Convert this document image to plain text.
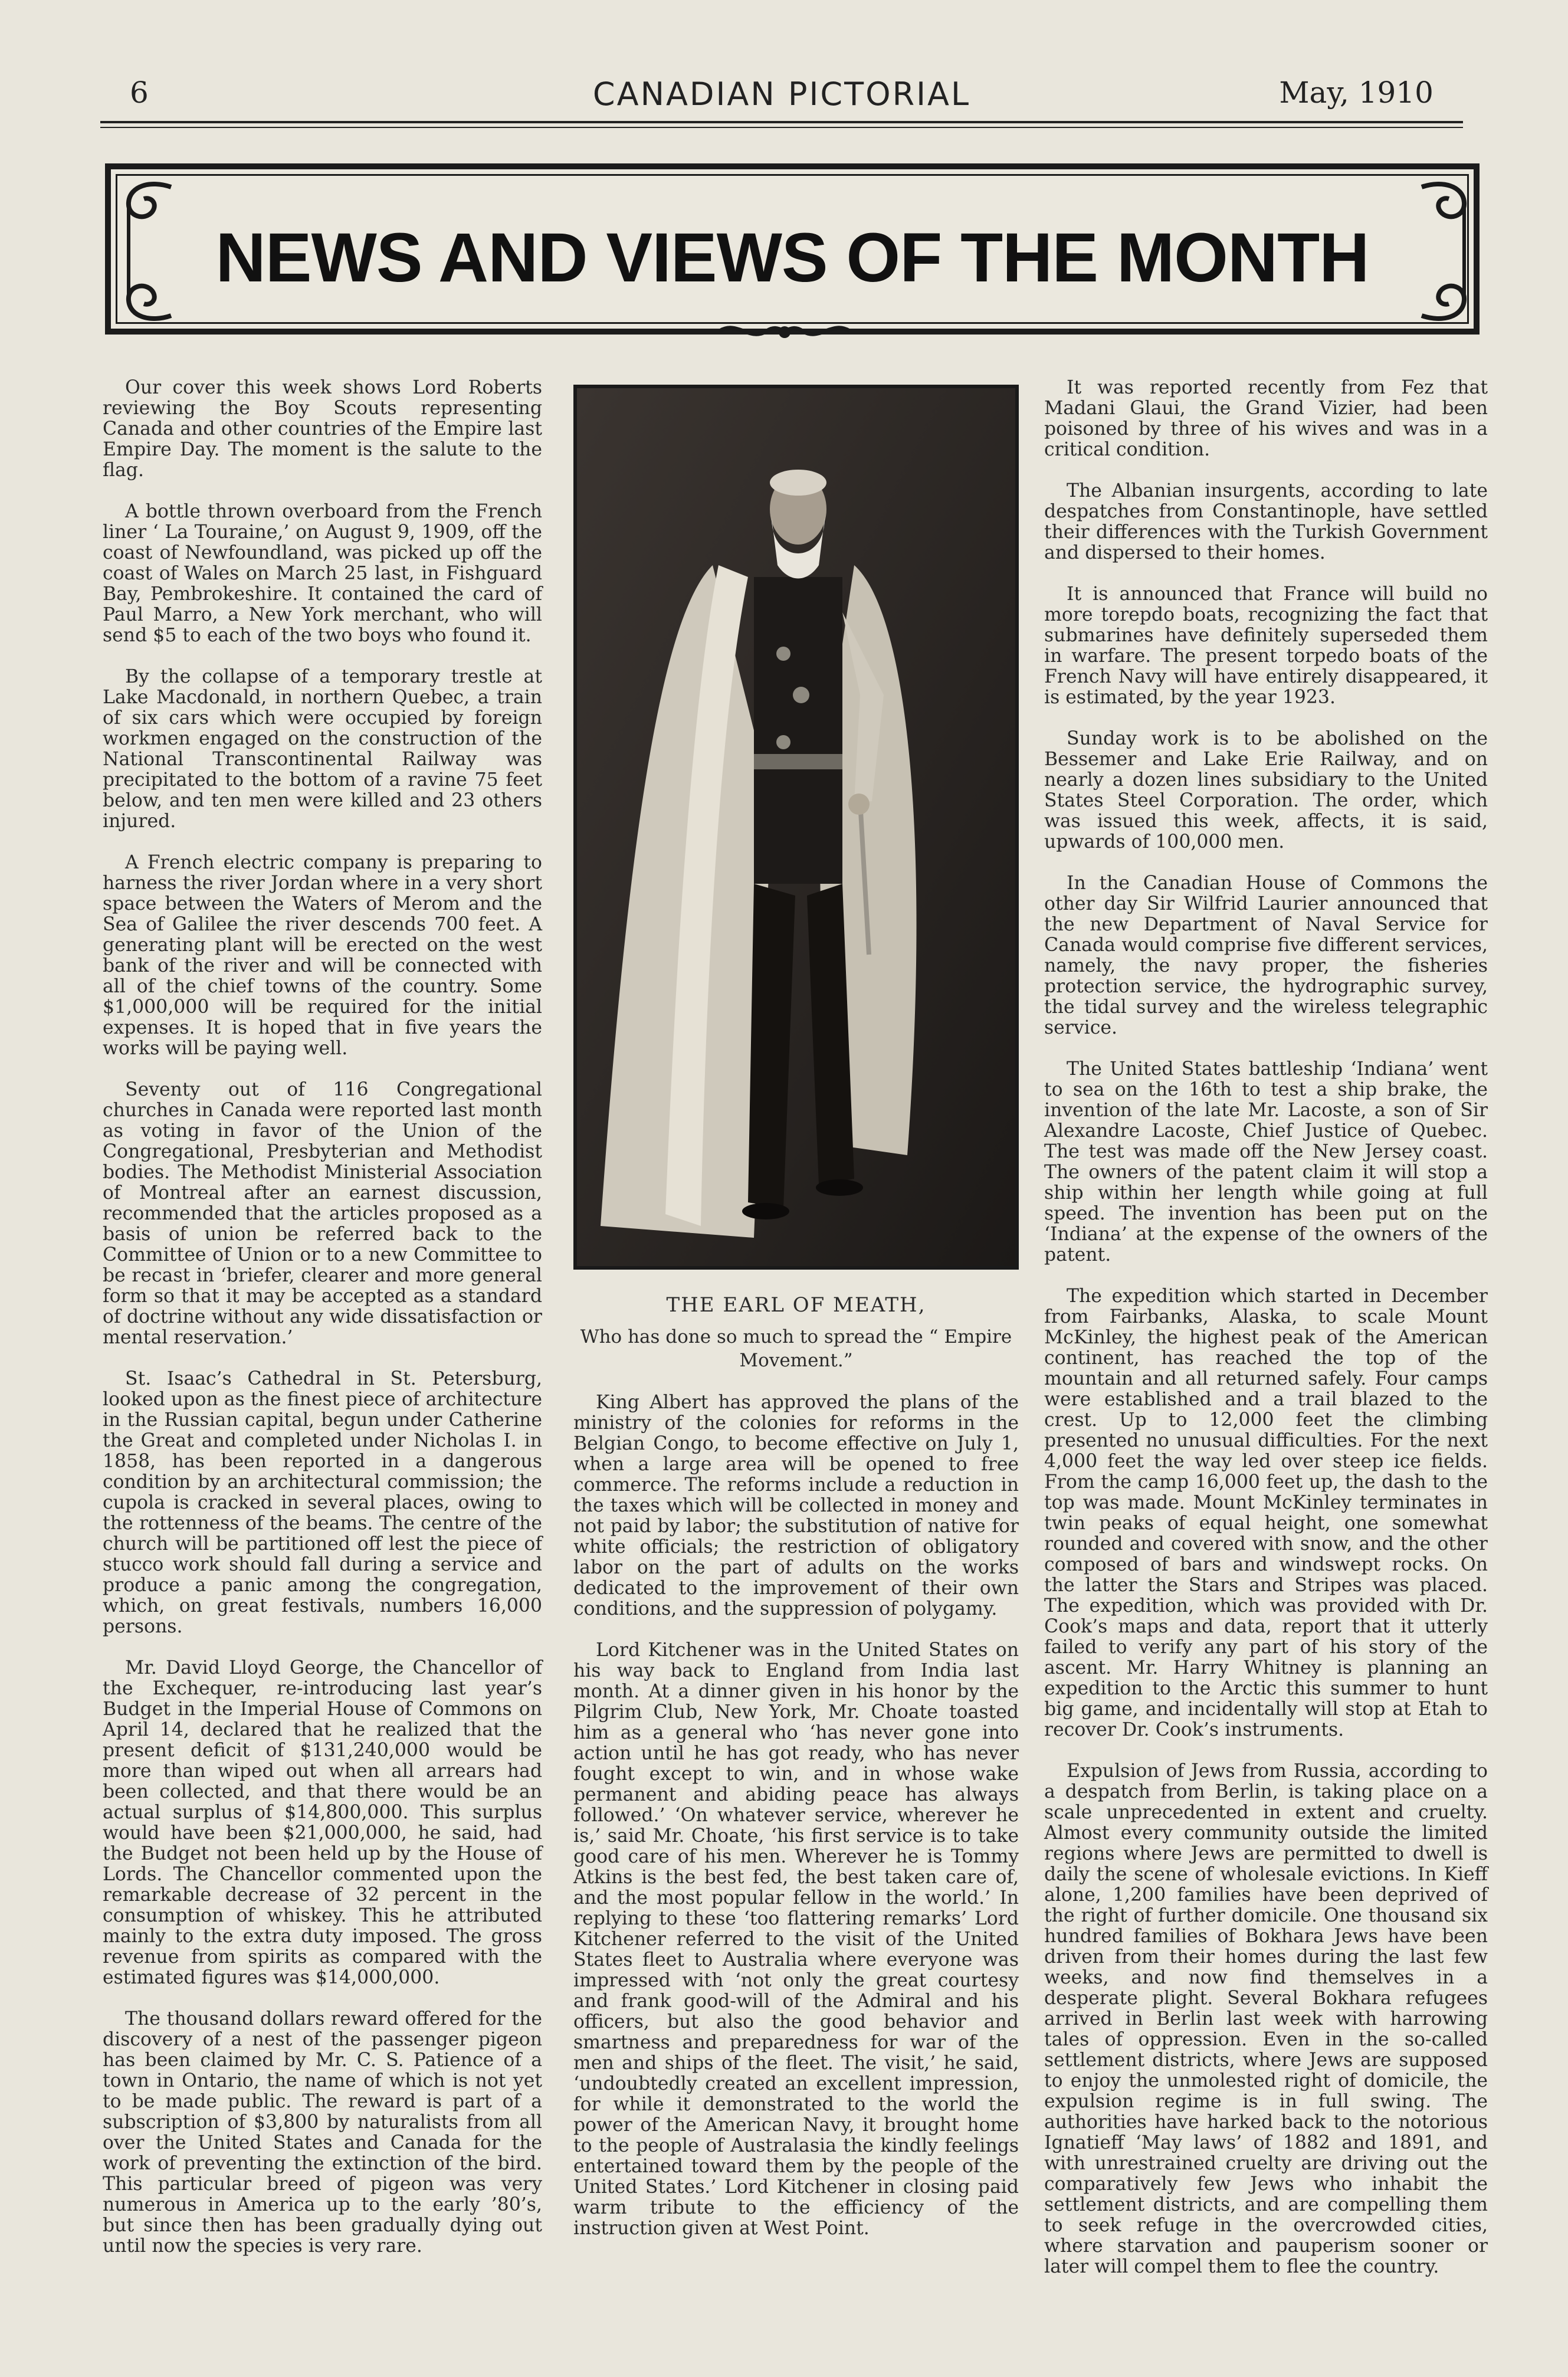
6	CANADIAN PICTORIAL	May, 1910
NEWS AND VIEWS OF THE MONTH

Our cover this week shows Lord Roberts reviewing the Boy Scouts representing Canada and other countries of the Empire last Empire Day. The moment is the salute to the flag.

A bottle thrown overboard from the French liner ‘ La Touraine,’ on August 9, 1909, off the coast of Newfoundland, was picked up off the coast of Wales on March 25 last, in Fishguard Bay, Pembrokeshire. It contained the card of Paul Marro, a New York merchant, who will send $5 to each of the two boys who found it.

By the collapse of a temporary trestle at Lake Macdonald, in northern Quebec, a train of six cars which were occupied by foreign workmen engaged on the construction of the National Transcontinental Railway was precipitated to the bottom of a ravine 75 feet below, and ten men were killed and 23 others injured.

A French electric company is preparing to harness the river Jordan where in a very short space between the Waters of Merom and the Sea of Galilee the river descends 700 feet. A generating plant will be erected on the west bank of the river and will be connected with all of the chief towns of the country. Some $1,000,000 will be required for the initial expenses. It is hoped that in five years the works will be paying well.

Seventy out of 116 Congregational churches in Canada were reported last month as voting in favor of the Union of the Congregational, Presbyterian and Methodist bodies. The Methodist Ministerial Association of Montreal after an earnest discussion, recommended that the articles proposed as a basis of union be referred back to the Committee of Union or to a new Committee to be recast in ‘briefer, clearer and more general form so that it may be accepted as a standard of doctrine without any wide dissatisfaction or mental reservation.’

St. Isaac’s Cathedral in St. Petersburg, looked upon as the finest piece of architecture in the Russian capital, begun under Catherine the Great and completed under Nicholas I. in 1858, has been reported in a dangerous condition by an architectural commission; the cupola is cracked in several places, owing to the rottenness of the beams. The centre of the church will be partitioned off lest the piece of stucco work should fall during a service and produce a panic among the congregation, which, on great festivals, numbers 16,000 persons.

Mr. David Lloyd George, the Chancellor of the Exchequer, re-introducing last year’s Budget in the Imperial House of Commons on April 14, declared that he realized that the present deficit of $131,240,000 would be more than wiped out when all arrears had been collected, and that there would be an actual surplus of $14,800,000. This surplus would have been $21,000,000, he said, had the Budget not been held up by the House of Lords. The Chancellor commented upon the remarkable decrease of 32 percent in the consumption of whiskey. This he attributed mainly to the extra duty imposed. The gross revenue from spirits as compared with the estimated figures was $14,000,000.

The thousand dollars reward offered for the discovery of a nest of the passenger pigeon has been claimed by Mr. C. S. Patience of a town in Ontario, the name of which is not yet to be made public. The reward is part of a subscription of $3,800 by naturalists from all over the United States and Canada for the work of preventing the extinction of the bird. This particular breed of pigeon was very numerous in America up to the early ’80’s, but since then has been gradually dying out until now the species is very rare.

THE EARL OF MEATH,
Who has done so much to spread the “ Empire Movement.”

King Albert has approved the plans of the ministry of the colonies for reforms in the Belgian Congo, to become effective on July 1, when a large area will be opened to free commerce. The reforms include a reduction in the taxes which will be collected in money and not paid by labor; the substitution of native for white officials; the restriction of obligatory labor on the part of adults on the works dedicated to the improvement of their own conditions, and the suppression of polygamy.

Lord Kitchener was in the United States on his way back to England from India last month. At a dinner given in his honor by the Pilgrim Club, New York, Mr. Choate toasted him as a general who ‘has never gone into action until he has got ready, who has never fought except to win, and in whose wake permanent and abiding peace has always followed.’ ‘On whatever service, wherever he is,’ said Mr. Choate, ‘his first service is to take good care of his men. Wherever he is Tommy Atkins is the best fed, the best taken care of, and the most popular fellow in the world.’ In replying to these ‘too flattering remarks’ Lord Kitchener referred to the visit of the United States fleet to Australia where everyone was impressed with ‘not only the great courtesy and frank good-will of the Admiral and his officers, but also the good behavior and smartness and preparedness for war of the men and ships of the fleet. The visit,’ he said, ‘undoubtedly created an excellent impression, for while it demonstrated to the world the power of the American Navy, it brought home to the people of Australasia the kindly feelings entertained toward them by the people of the United States.’ Lord Kitchener in closing paid warm tribute to the efficiency of the instruction given at West Point.

It was reported recently from Fez that Madani Glaui, the Grand Vizier, had been poisoned by three of his wives and was in a critical condition.

The Albanian insurgents, according to late despatches from Constantinople, have settled their differences with the Turkish Government and dispersed to their homes.

It is announced that France will build no more torepdo boats, recognizing the fact that submarines have definitely superseded them in warfare. The present torpedo boats of the French Navy will have entirely disappeared, it is estimated, by the year 1923.

Sunday work is to be abolished on the Bessemer and Lake Erie Railway, and on nearly a dozen lines subsidiary to the United States Steel Corporation. The order, which was issued this week, affects, it is said, upwards of 100,000 men.

In the Canadian House of Commons the other day Sir Wilfrid Laurier announced that the new Department of Naval Service for Canada would comprise five different services, namely, the navy proper, the fisheries protection service, the hydrographic survey, the tidal survey and the wireless telegraphic service.

The United States battleship ‘Indiana’ went to sea on the 16th to test a ship brake, the invention of the late Mr. Lacoste, a son of Sir Alexandre Lacoste, Chief Justice of Quebec. The test was made off the New Jersey coast. The owners of the patent claim it will stop a ship within her length while going at full speed. The invention has been put on the ‘Indiana’ at the expense of the owners of the patent.

The expedition which started in December from Fairbanks, Alaska, to scale Mount McKinley, the highest peak of the American continent, has reached the top of the mountain and all returned safely. Four camps were established and a trail blazed to the crest. Up to 12,000 feet the climbing presented no unusual difficulties. For the next 4,000 feet the way led over steep ice fields. From the camp 16,000 feet up, the dash to the top was made. Mount McKinley terminates in twin peaks of equal height, one somewhat rounded and covered with snow, and the other composed of bars and windswept rocks. On the latter the Stars and Stripes was placed. The expedition, which was provided with Dr. Cook’s maps and data, report that it utterly failed to verify any part of his story of the ascent. Mr. Harry Whitney is planning an expedition to the Arctic this summer to hunt big game, and incidentally will stop at Etah to recover Dr. Cook’s instruments.

Expulsion of Jews from Russia, according to a despatch from Berlin, is taking place on a scale unprecedented in extent and cruelty. Almost every community outside the limited regions where Jews are permitted to dwell is daily the scene of wholesale evictions. In Kieff alone, 1,200 families have been deprived of the right of further domicile. One thousand six hundred families of Bokhara Jews have been driven from their homes during the last few weeks, and now find themselves in a desperate plight. Several Bokhara refugees arrived in Berlin last week with harrowing tales of oppression. Even in the so-called settlement districts, where Jews are supposed to enjoy the unmolested right of domicile, the expulsion regime is in full swing. The authorities have harked back to the notorious Ignatieff ‘May laws’ of 1882 and 1891, and with unrestrained cruelty are driving out the comparatively few Jews who inhabit the settlement districts, and are compelling them to seek refuge in the overcrowded cities, where starvation and pauperism sooner or later will compel them to flee the country.
